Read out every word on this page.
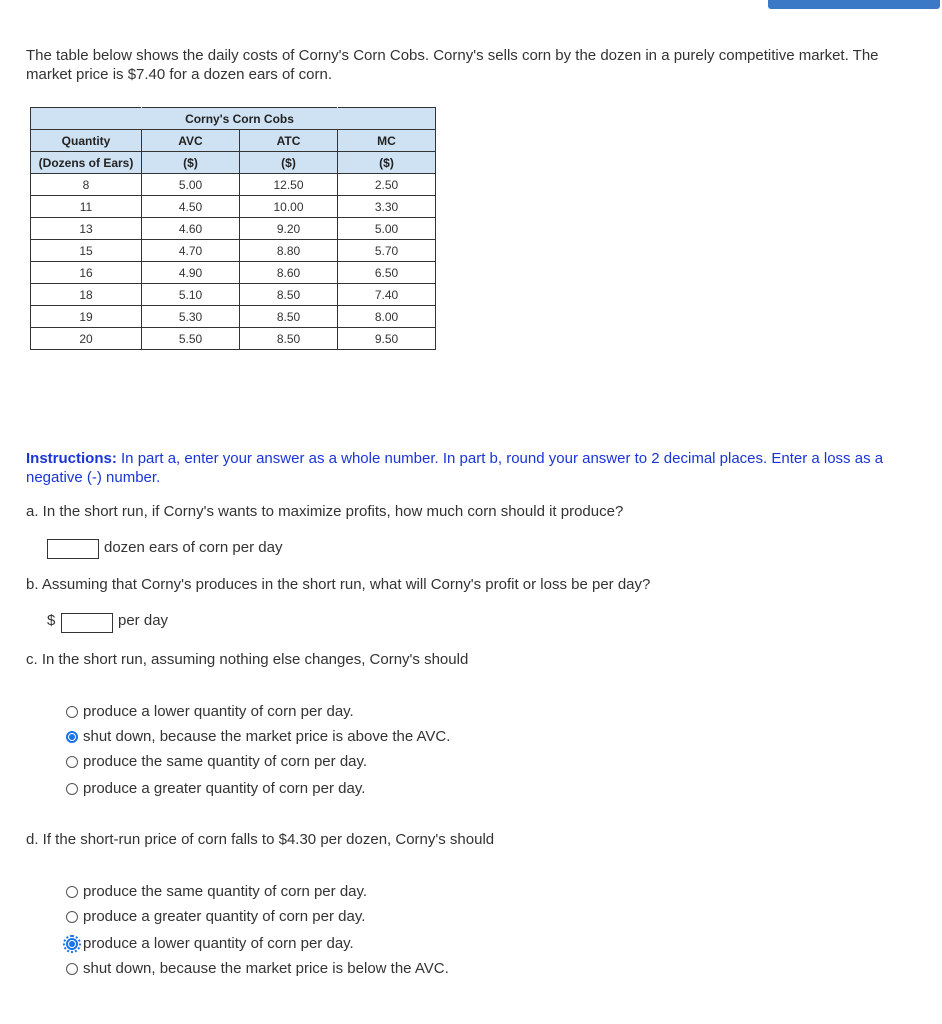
The table below shows the daily costs of Corny's Corn Cobs. Corny's sells corn by the dozen in a purely competitive market. The market price is $7.40 for a dozen ears of corn.
	Corny's Corn Cobs		
Quantity	AVC	ATC	MC
(Dozens of Ears)	($)	($)	($)
8	5.00	12.50	2.50
11	4.50	10.00	3.30
13	4.60	9.20	5.00
15	4.70	8.80	5.70
16	4.90	8.60	6.50
18	5.10	8.50	7.40
19	5.30	8.50	8.00
20	5.50	8.50	9.50
Instructions: In part a, enter your answer as a whole number. In part b, round your answer to 2 decimal places. Enter a loss as a negative (-) number.
a. In the short run, if Corny's wants to maximize profits, how much corn should it produce?
dozen ears of corn per day
b. Assuming that Corny's produces in the short run, what will Corny's profit or loss be per day?
$	per day
c. In the short run, assuming nothing else changes, Corny's should
produce a lower quantity of corn per day.
shut down, because the market price is above the AVC.
produce the same quantity of corn per day.
produce a greater quantity of corn per day.
d. If the short-run price of corn falls to $4.30 per dozen, Corny's should
produce the same quantity of corn per day.
produce a greater quantity of corn per day.
produce a lower quantity of corn per day.
shut down, because the market price is below the AVC.
